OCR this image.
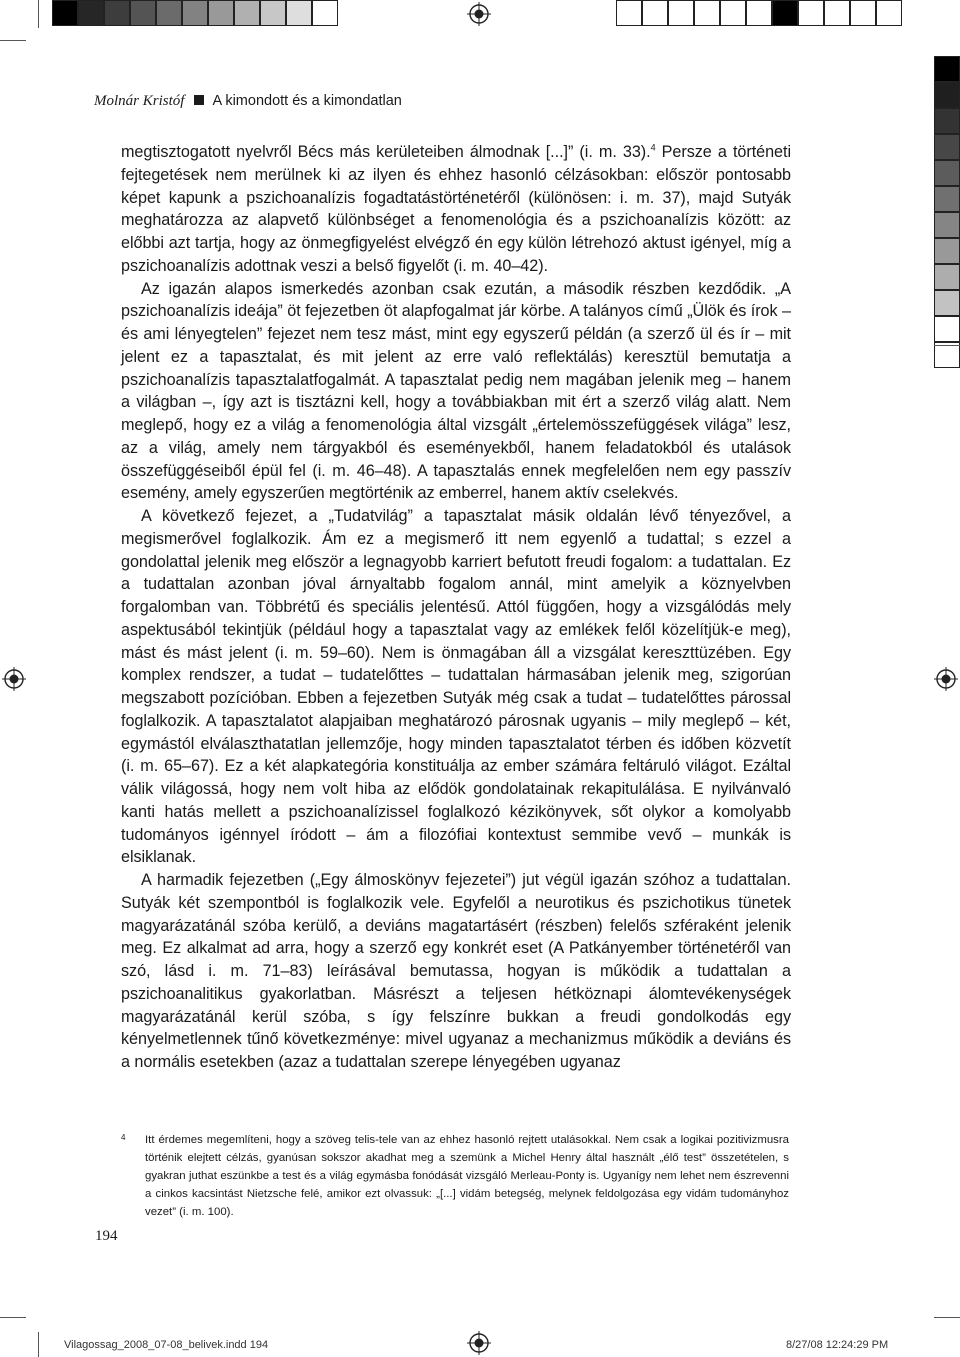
Molnár Kristóf A kimondott és a kimondatlan

megtisztogatott nyelvről Bécs más kerületeiben álmodnak [...]” (i. m. 33).$^4$ Persze a történeti fejtegetések nem merülnek ki az ilyen és ehhez hasonló célzásokban: először pontosabb képet kapunk a pszichoanalízis fogadtatástörténetéről (különösen: i. m. 37), majd Sutyák meghatározza az alapvető különbséget a fenomenológia és a pszichoanalízis között: az előbbi azt tartja, hogy az önmegfigyelést elvégző én egy külön létrehozó aktust igényel, míg a pszichoanalízis adottnak veszi a belső figyelőt (i. m. 40–42).

Az igazán alapos ismerkedés azonban csak ezután, a második részben kezdődik. „A pszichoanalízis ideája” öt fejezetben öt alapfogalmat jár körbe. A talányos című „Ülök és írok – és ami lényegtelen” fejezet nem tesz mást, mint egy egyszerű példán (a szerző ül és ír – mit jelent ez a tapasztalat, és mit jelent az erre való reflektálás) keresztül bemutatja a pszichoanalízis tapasztalatfogalmát. A tapasztalat pedig nem magában jelenik meg – hanem a világban –, így azt is tisztázni kell, hogy a továbbiakban mit ért a szerző világ alatt. Nem meglepő, hogy ez a világ a fenomenológia által vizsgált „értelemösszefüggések világa” lesz, az a világ, amely nem tárgyakból és eseményekből, hanem feladatokból és utalások összefüggéseiből épül fel (i. m. 46–48). A tapasztalás ennek megfelelően nem egy passzív esemény, amely egyszerűen megtörténik az emberrel, hanem aktív cselekvés.

A következő fejezet, a „Tudatvilág” a tapasztalat másik oldalán lévő tényezővel, a megismerővel foglalkozik. Ám ez a megismerő itt nem egyenlő a tudattal; s ezzel a gondolattal jelenik meg először a legnagyobb karriert befutott freudi fogalom: a tudattalan. Ez a tudattalan azonban jóval árnyaltabb fogalom annál, mint amelyik a köznyelvben forgalomban van. Többrétű és speciális jelentésű. Attól függően, hogy a vizsgálódás mely aspektusából tekintjük (például hogy a tapasztalat vagy az emlékek felől közelítjük-e meg), mást és mást jelent (i. m. 59–60). Nem is önmagában áll a vizsgálat kereszttüzében. Egy komplex rendszer, a tudat – tudatelőttes – tudattalan hármasában jelenik meg, szigorúan megszabott pozícióban. Ebben a fejezetben Sutyák még csak a tudat – tudatelőttes párossal foglalkozik. A tapasztalatot alapjaiban meghatározó párosnak ugyanis – mily meglepő – két, egymástól elválaszthatatlan jellemzője, hogy minden tapasztalatot térben és időben közvetít (i. m. 65–67). Ez a két alapkategória konstituálja az ember számára feltáruló világot. Ezáltal válik világossá, hogy nem volt hiba az elődök gondolatainak rekapitulálása. E nyilvánvaló kanti hatás mellett a pszichoanalízissel foglalkozó kézikönyvek, sőt olykor a komolyabb tudományos igénnyel íródott – ám a filozófiai kontextust semmibe vevő – munkák is elsiklanak.

A harmadik fejezetben („Egy álmoskönyv fejezetei”) jut végül igazán szóhoz a tudattalan. Sutyák két szempontból is foglalkozik vele. Egyfelől a neurotikus és pszichotikus tünetek magyarázatánál szóba kerülő, a deviáns magatartásért (részben) felelős szféraként jelenik meg. Ez alkalmat ad arra, hogy a szerző egy konkrét eset (A Patkányember történetéről van szó, lásd i. m. 71–83) leírásával bemutassa, hogyan is működik a tudattalan a pszichoanalitikus gyakorlatban. Másrészt a teljesen hétköznapi álomtevékenységek magyarázatánál kerül szóba, s így felszínre bukkan a freudi gondolkodás egy kényelmetlennek tűnő következménye: mivel ugyanaz a mechanizmus működik a deviáns és a normális esetekben (azaz a tudattalan szerepe lényegében ugyanaz

4 Itt érdemes megemlíteni, hogy a szöveg telis-tele van az ehhez hasonló rejtett utalásokkal. Nem csak a logikai pozitivizmusra történik elejtett célzás, gyanúsan sokszor akadhat meg a szemünk a Michel Henry által használt „élő test” összetételen, s gyakran juthat eszünkbe a test és a világ egymásba fonódását vizsgáló Merleau-Ponty is. Ugyanígy nem lehet nem észrevenni a cinkos kacsintást Nietzsche felé, amikor ezt olvassuk: „[...] vidám betegség, melynek feldolgozása egy vidám tudományhoz vezet” (i. m. 100).
194
Vilagossag_2008_07-08_belivek.indd 194	8/27/08 12:24:29 PM
